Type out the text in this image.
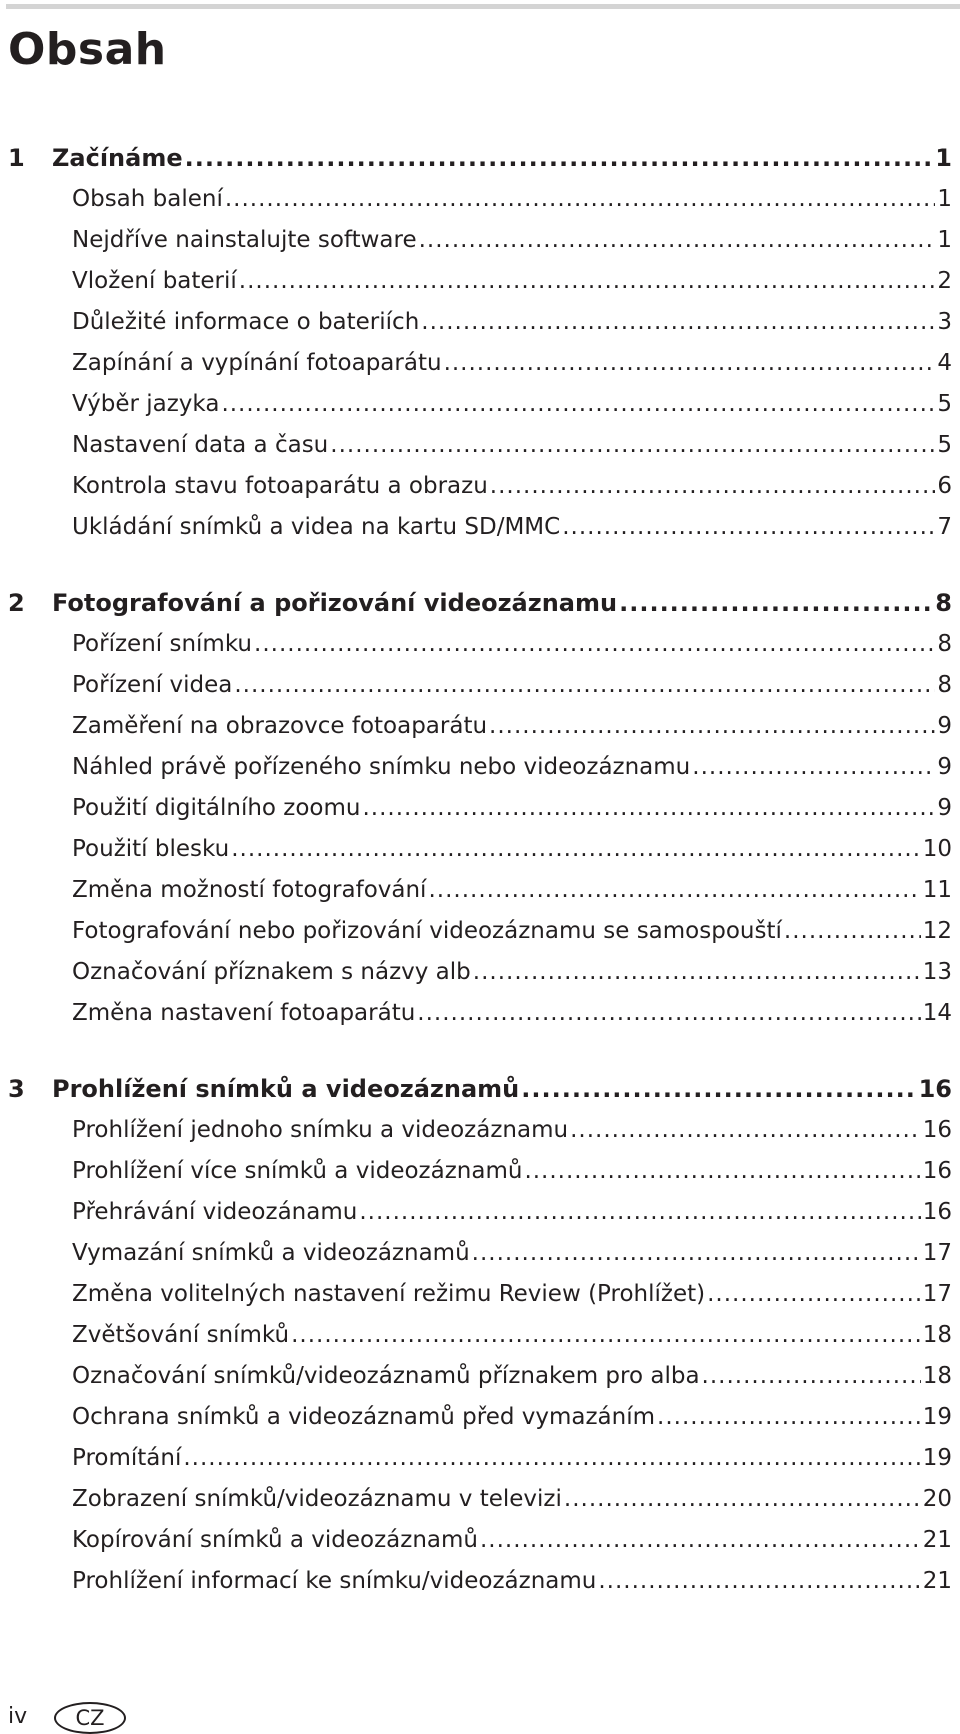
Obsah
1	Začínáme .....	1
Obsah balení .....	1
Nejdříve nainstalujte software .....	1
Vložení baterií .....	2
Důležité informace o bateriích .....	3
Zapínání a vypínání fotoaparátu .....	4
Výběr jazyka .....	5
Nastavení data a času .....	5
Kontrola stavu fotoaparátu a obrazu .....	6
Ukládání snímků a videa na kartu SD/MMC .....	7
2	Fotografování a pořizování videozáznamu .....	8
Pořízení snímku .....	8
Pořízení videa .....	8
Zaměření na obrazovce fotoaparátu .....	9
Náhled právě pořízeného snímku nebo videozáznamu .....	9
Použití digitálního zoomu .....	9
Použití blesku .....	10
Změna možností fotografování .....	11
Fotografování nebo pořizování videozáznamu se samospouští .....	12
Označování příznakem s názvy alb .....	13
Změna nastavení fotoaparátu .....	14
3	Prohlížení snímků a videozáznamů .....	16
Prohlížení jednoho snímku a videozáznamu .....	16
Prohlížení více snímků a videozáznamů .....	16
Přehrávání videozánamu .....	16
Vymazání snímků a videozáznamů .....	17
Změna volitelných nastavení režimu Review (Prohlížet) .....	17
Zvětšování snímků .....	18
Označování snímků/videozáznamů příznakem pro alba .....	18
Ochrana snímků a videozáznamů před vymazáním .....	19
Promítání .....	19
Zobrazení snímků/videozáznamu v televizi .....	20
Kopírování snímků a videozáznamů .....	21
Prohlížení informací ke snímku/videozáznamu .....	21
iv	CZ
